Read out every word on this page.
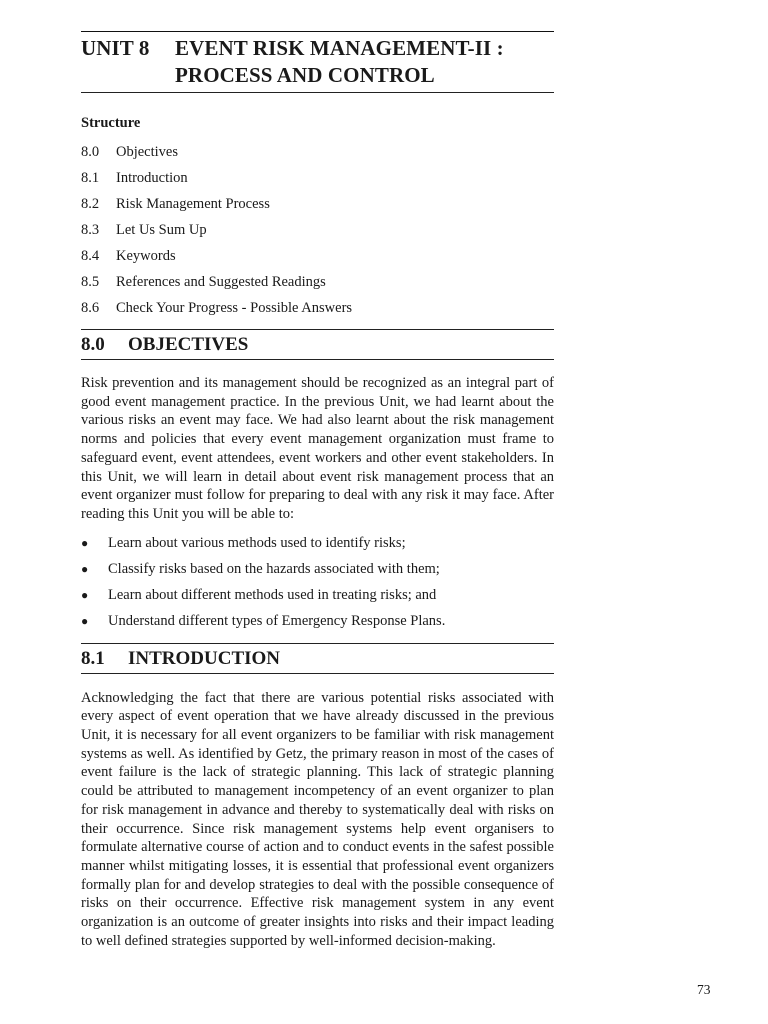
UNIT 8	EVENT RISK MANAGEMENT-II :
PROCESS AND CONTROL
Structure
8.0	Objectives
8.1	Introduction
8.2	Risk Management Process
8.3	Let Us Sum Up
8.4	Keywords
8.5	References and Suggested Readings
8.6	Check Your Progress - Possible Answers
8.0	OBJECTIVES

Risk prevention and its management should be recognized as an integral part of good event management practice. In the previous Unit, we had learnt about the various risks an event may face. We had also learnt about the risk management norms and policies that every event management organization must frame to safeguard event, event attendees, event workers and other event stakeholders. In this Unit, we will learn in detail about event risk management process that an event organizer must follow for preparing to deal with any risk it may face. After reading this Unit you will be able to:

●	Learn about various methods used to identify risks;
●	Classify risks based on the hazards associated with them;
●	Learn about different methods used in treating risks; and
●	Understand different types of Emergency Response Plans.
8.1	INTRODUCTION

Acknowledging the fact that there are various potential risks associated with every aspect of event operation that we have already discussed in the previous Unit, it is necessary for all event organizers to be familiar with risk management systems as well. As identified by Getz, the primary reason in most of the cases of event failure is the lack of strategic planning. This lack of strategic planning could be attributed to management incompetency of an event organizer to plan for risk management in advance and thereby to systematically deal with risks on their occurrence. Since risk management systems help event organisers to formulate alternative course of action and to conduct events in the safest possible manner whilst mitigating losses, it is essential that professional event organizers formally plan for and develop strategies to deal with the possible consequence of risks on their occurrence. Effective risk management system in any event organization is an outcome of greater insights into risks and their impact leading to well defined strategies supported by well-informed decision-making.

73
